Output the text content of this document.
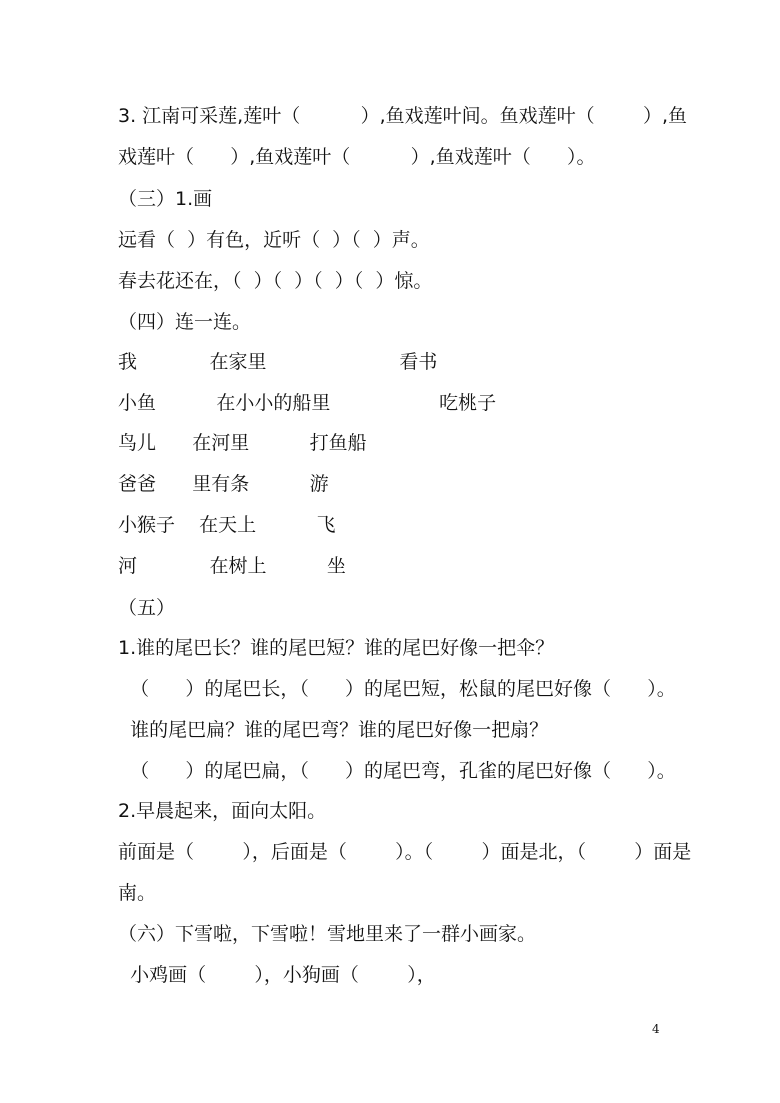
3. 江南可采莲,莲叶（          ）,鱼戏莲叶间。鱼戏莲叶（        ）,鱼
戏莲叶（      ）,鱼戏莲叶（          ）,鱼戏莲叶（      ）。
（三）1.画
远看（  ）有色，近听（  ）（  ）声。
春去花还在，（  ）（  ）（  ）（  ）惊。
（四）连一连。
我            在家里                      看书
小鱼          在小小的船里                  吃桃子
鸟儿      在河里          打鱼船
爸爸      里有条          游
小猴子    在天上          飞
河            在树上          坐
（五）
1.谁的尾巴长？谁的尾巴短？谁的尾巴好像一把伞？
（      ）的尾巴长，（      ）的尾巴短，松鼠的尾巴好像（      ）。
谁的尾巴扁？谁的尾巴弯？谁的尾巴好像一把扇？
（      ）的尾巴扁，（      ）的尾巴弯，孔雀的尾巴好像（      ）。
2.早晨起来，面向太阳。
前面是（        ），后面是（        ）。（        ）面是北，（        ）面是
南。
（六）下雪啦，下雪啦！雪地里来了一群小画家。
小鸡画（        ），小狗画（        ），
4
